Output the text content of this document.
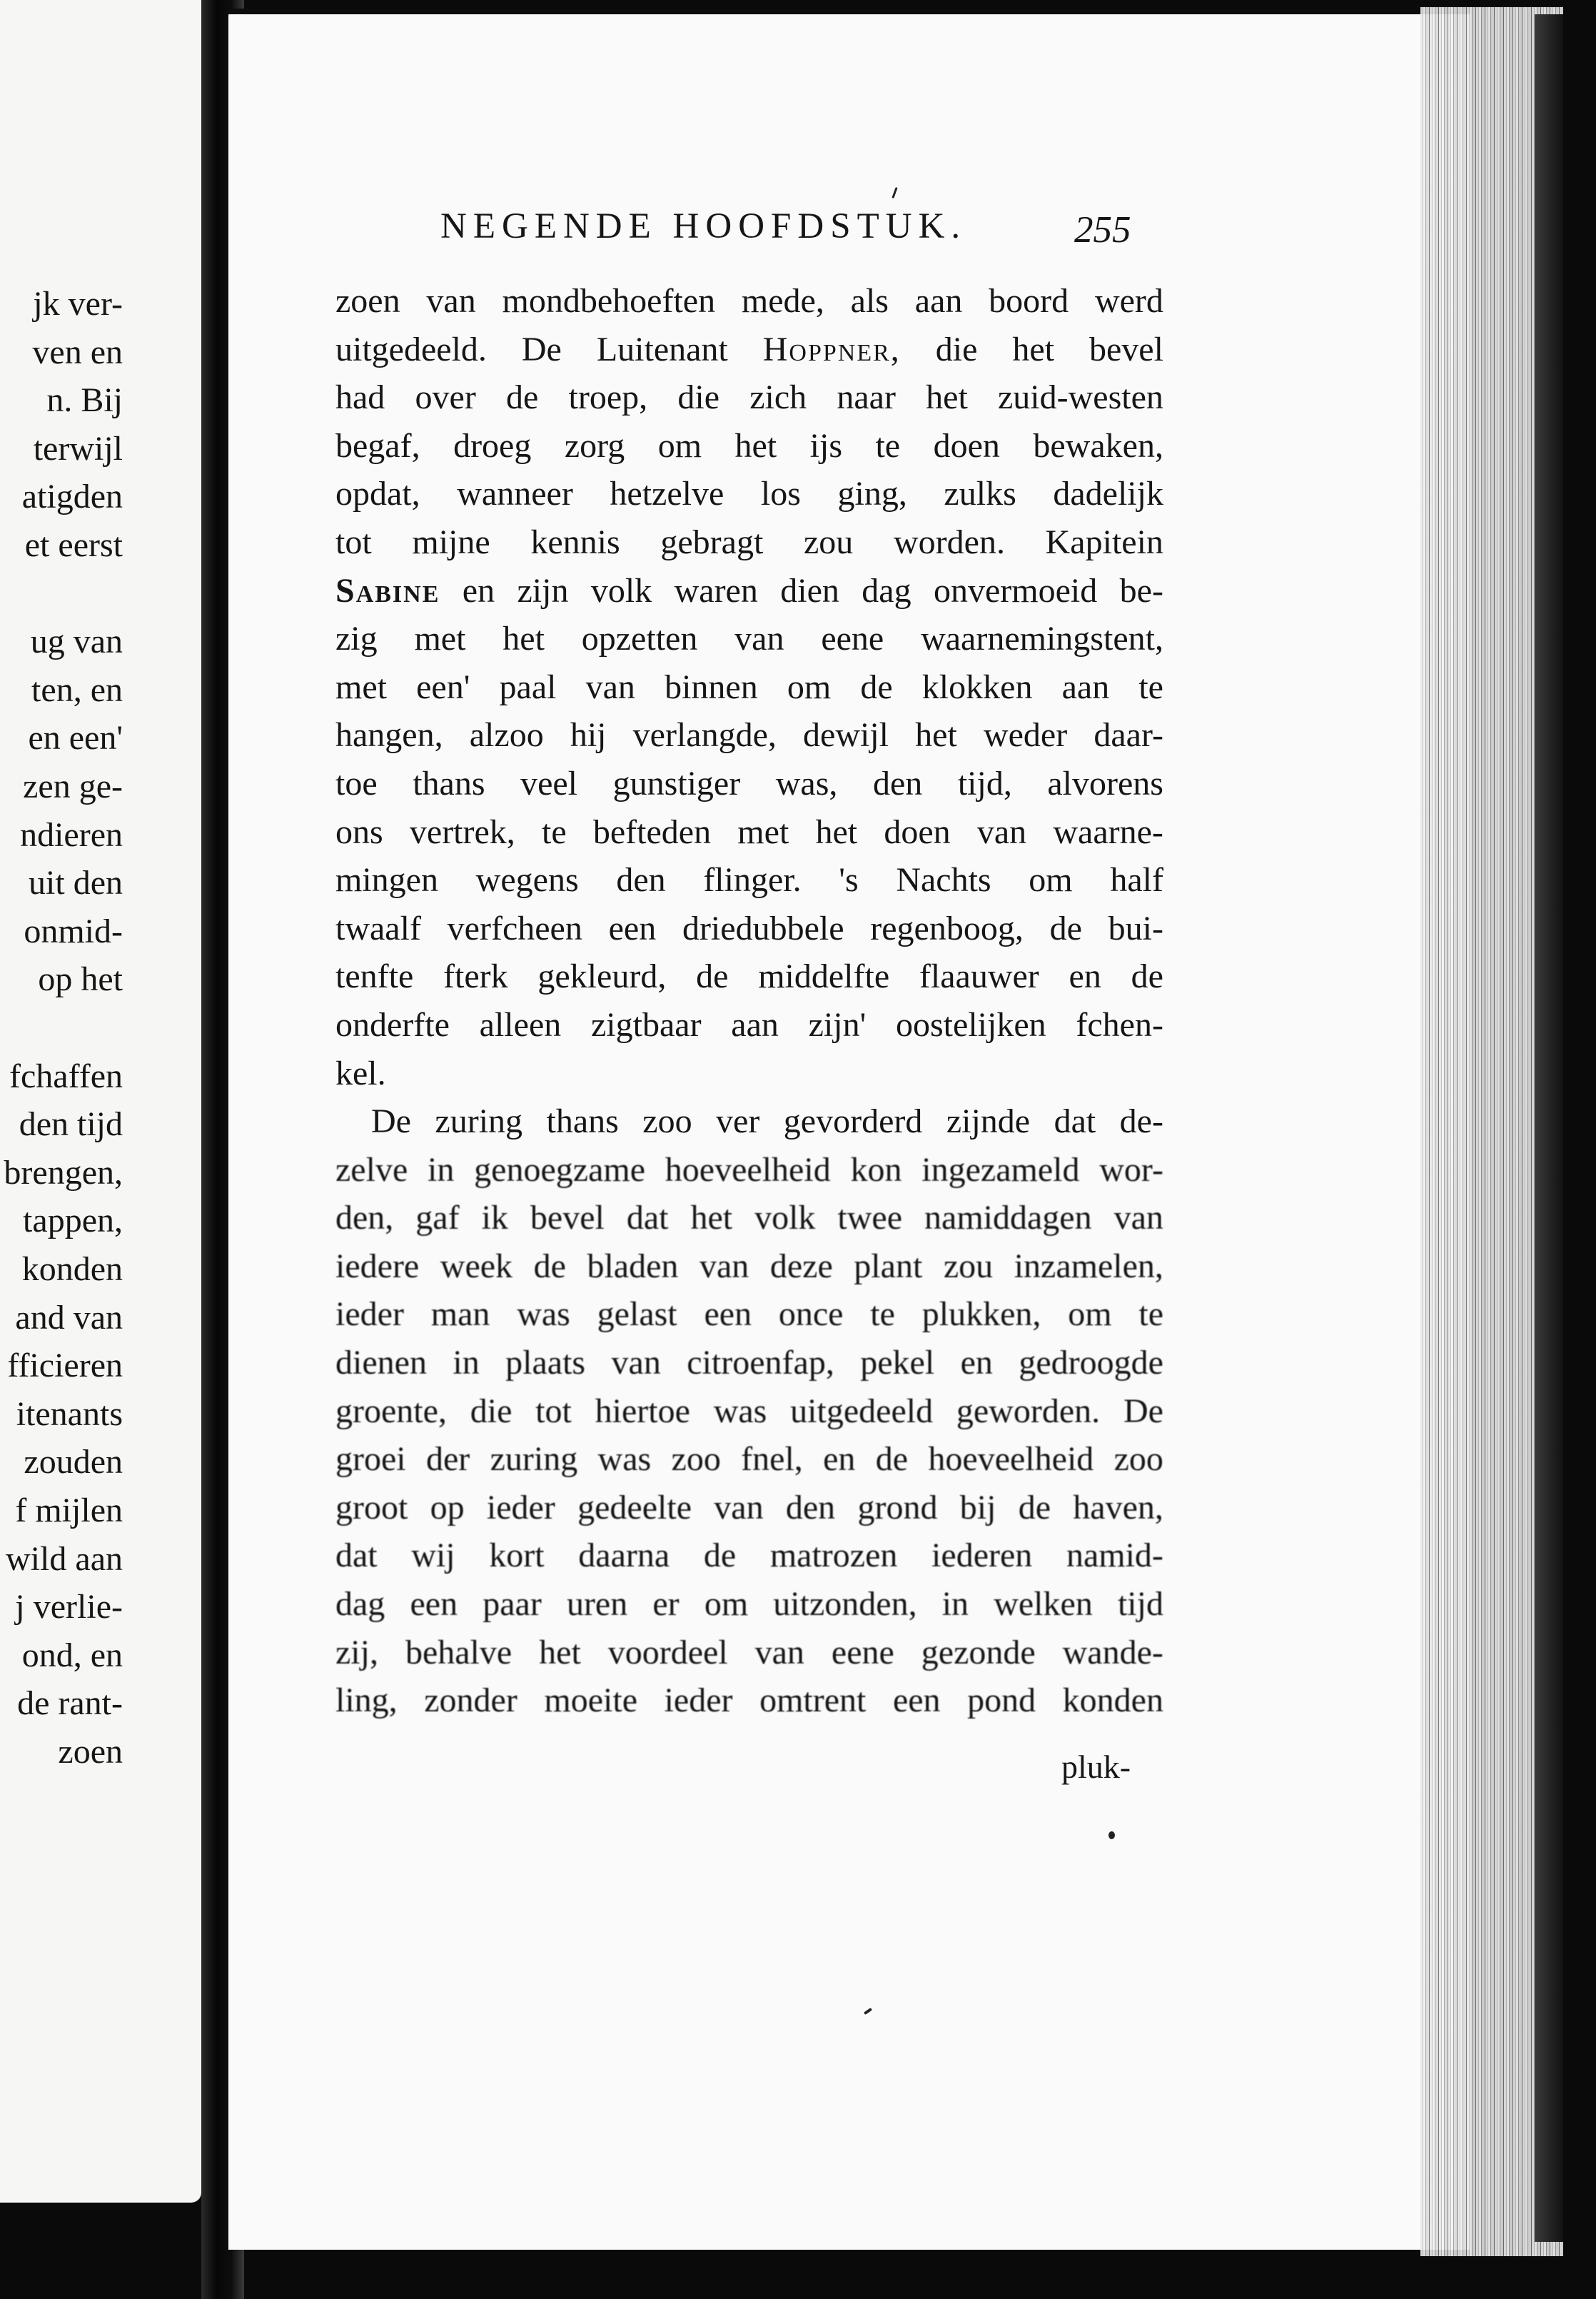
NEGENDE HOOFDSTUK.	255
zoen van mondbehoeften mede, als aan boord werd
uitgedeeld. De Luitenant Hoppner, die het bevel
had over de troep, die zich naar het zuid-westen
begaf, droeg zorg om het ijs te doen bewaken,
opdat, wanneer hetzelve los ging, zulks dadelijk
tot mijne kennis gebragt zou worden. Kapitein
Sabine en zijn volk waren dien dag onvermoeid be-
zig met het opzetten van eene waarnemingstent,
met een' paal van binnen om de klokken aan te
hangen, alzoo hij verlangde, dewijl het weder daar-
toe thans veel gunstiger was, den tijd, alvorens
ons vertrek, te befteden met het doen van waarne-
mingen wegens den flinger. 's Nachts om half
twaalf verfcheen een driedubbele regenboog, de bui-
tenfte fterk gekleurd, de middelfte flaauwer en de
onderfte alleen zigtbaar aan zijn' oostelijken fchen-
kel.
De zuring thans zoo ver gevorderd zijnde dat de-
zelve in genoegzame hoeveelheid kon ingezameld wor-
den, gaf ik bevel dat het volk twee namiddagen van
iedere week de bladen van deze plant zou inzamelen,
ieder man was gelast een once te plukken, om te
dienen in plaats van citroenfap, pekel en gedroogde
groente, die tot hiertoe was uitgedeeld geworden. De
groei der zuring was zoo fnel, en de hoeveelheid zoo
groot op ieder gedeelte van den grond bij de haven,
dat wij kort daarna de matrozen iederen namid-
dag een paar uren er om uitzonden, in welken tijd
zij, behalve het voordeel van eene gezonde wande-
ling, zonder moeite ieder omtrent een pond konden
pluk-
jk ver-
ven en
n. Bij
terwijl
atigden
et eerst
ug van
ten, en
en een'
zen ge-
ndieren
uit den
onmid-
op het
fchaffen
den tijd
brengen,
tappen,
konden
and van
fficieren
itenants
zouden
f mijlen
wild aan
j verlie-
ond, en
de rant-
zoen
